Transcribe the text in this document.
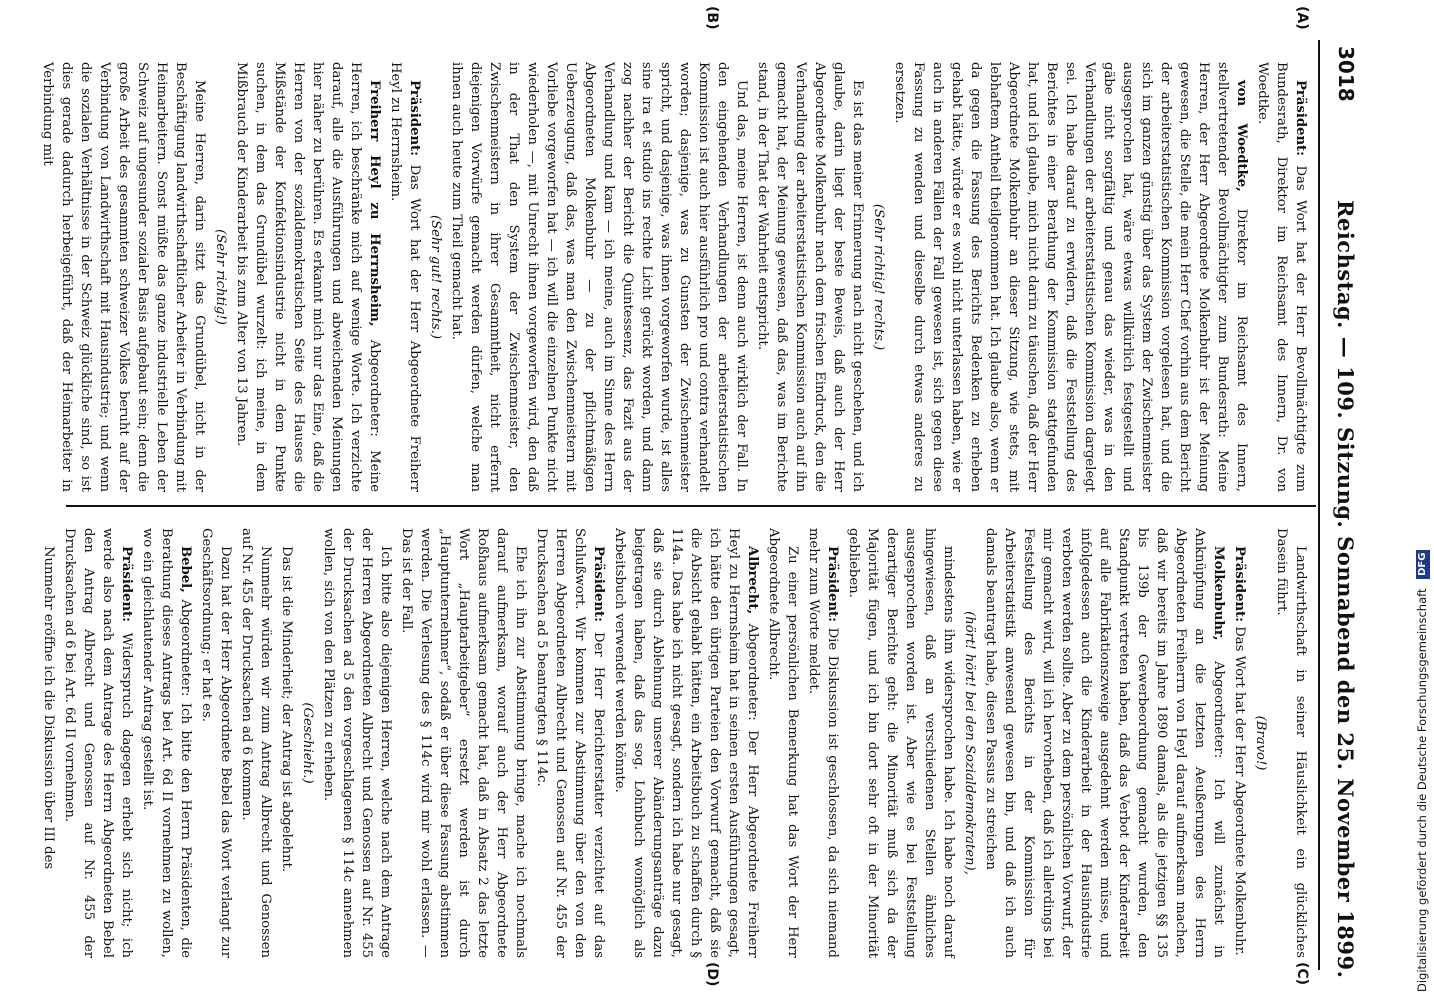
3018
Reichstag. — 109. Sitzung. Sonnabend den 25. November 1899.
(A)
(B)
(C)
(D)

Präsident: Das Wort hat der Herr Bevollmächtigte zum Bundesrath, Direktor im Reichsamt des Innern, Dr. von Woedtke.

von Woedtke, Direktor im Reichsamt des Innern, stellvertretender Bevollmächtigter zum Bundesrath: Meine Herren, der Herr Abgeordnete Molkenbuhr ist der Meinung gewesen, die Stelle, die mein Herr Chef vorhin aus dem Bericht der arbeiterstatistischen Kommission vorgelesen hat, und die sich im ganzen günstig über das System der Zwischenmeister ausgesprochen hat, wäre etwas willkürlich festgestellt und gäbe nicht sorgfältig und genau das wieder, was in den Verhandlungen der arbeiterstatistischen Kommission dargelegt sei. Ich habe darauf zu erwidern, daß die Feststellung des Berichtes in einer Berathung der Kommission stattgefunden hat, und ich glaube, mich nicht darin zu täuschen, daß der Herr Abgeordnete Molkenbuhr an dieser Sitzung, wie stets, mit lebhaftem Antheil theilgenommen hat. Ich glaube also, wenn er da gegen die Fassung des Berichts Bedenken zu erheben gehabt hätte, würde er es wohl nicht unterlassen haben, wie er auch in anderen Fällen der Fall gewesen ist, sich gegen diese Fassung zu wenden und dieselbe durch etwas anderes zu ersetzen.

(Sehr richtig! rechts.)

Es ist das meiner Erinnerung nach nicht geschehen, und ich glaube, darin liegt der beste Beweis, daß auch der Herr Abgeordnete Molkenbuhr nach dem frischen Eindruck, den die Verhandlung der arbeiterstatistischen Kommission auch auf ihn gemacht hat, der Meinung gewesen, daß das, was im Berichte stand, in der That der Wahrheit entspricht.

Und das, meine Herren, ist denn auch wirklich der Fall. In den eingehenden Verhandlungen der arbeiterstatistischen Kommission ist auch hier ausführlich pro und contra verhandelt worden; dasjenige, was zu Gunsten der Zwischenmeister spricht, und dasjenige, was ihnen vorgeworfen wurde, ist alles sine ira et studio ins rechte Licht gerückt worden, und dann zog nachher der Bericht die Quintessenz, das Fazit aus der Verhandlung und kam — ich meine, auch im Sinne des Herrn Abgeordneten Molkenbuhr — zu der pflichtmäßigen Ueberzeugung, daß das, was man den Zwischenmeistern mit Vorliebe vorgeworfen hat — ich will die einzelnen Punkte nicht wiederholen —, mit Unrecht ihnen vorgeworfen wird, den daß in der That den System der Zwischenmeister, den Zwischenmeistern in ihrer Gesammtheit, nicht erfernt diejenigen Vorwürfe gemacht werden dürfen, welche man ihnen auch heute zum Theil gemacht hat.

(Sehr gut! rechts.)

Präsident: Das Wort hat der Herr Abgeordnete Freiherr Heyl zu Herrnsheim.

Freiherr Heyl zu Herrnsheim, Abgeordneter: Meine Herren, ich beschränke mich auf wenige Worte. Ich verzichte darauf, alle die Ausführungen und abweichenden Meinungen hier näher zu berühren. Es erkannt mich nur das Eine, daß die Herren von der sozialdemokratischen Seite des Hauses die Mißstände der Konfektionsindustrie nicht in dem Punkte suchen, in dem das Grundübel wurzelt: ich meine, in dem Mißbrauch der Kinderarbeit bis zum Alter von 13 Jahren.

(Sehr richtig!)

Meine Herren, darin sitzt das Grundübel, nicht in der Beschäftigung landwirthschaftlicher Arbeiter in Verbindung mit Heimarbeitern. Sonst müßte das ganze industrielle Leben der Schweiz auf ungesunder sozialer Basis aufgebaut sein; denn die große Arbeit des gesammten schweizer Volkes beruht auf der Verbindung von Landwirthschaft mit Hausindustrie; und wenn die sozialen Verhältnisse in der Schweiz glückliche sind, so ist dies gerade dadurch herbeigeführt, daß der Heimarbeiter in Verbindung mit

Landwirthschaft in seiner Häuslichkeit ein glückliches Dasein führt.

(Bravo!)

Präsident: Das Wort hat der Herr Abgeordnete Molkenbuhr.

Molkenbuhr, Abgeordneter: Ich will zunächst in Anknüpfung an die letzten Aeußerungen des Herrn Abgeordneten Freiherrn von Heyl darauf aufmerksam machen, daß wir bereits im Jahre 1890 damals, als die jetzigen §§ 135 bis 139b der Gewerbeordnung gemacht wurden, den Standpunkt vertreten haben, daß das Verbot der Kinderarbeit auf alle Fabrikationszweige ausgedehnt werden müsse, und infolgedessen auch die Kinderarbeit in der Hausindustrie verboten werden sollte. Aber zu dem persönlichen Vorwurf, der mir gemacht wird, will ich hervorheben, daß ich allerdings bei Feststellung des Berichts in der Kommission für Arbeiterstatistik anwesend gewesen bin, und daß ich auch damals beantragt habe, diesen Passus zu streichen

(hört! hört! bei den Sozialdemokraten),

mindestens ihm widersprochen habe. Ich habe noch darauf hingewiesen, daß an verschiedenen Stellen ähnliches ausgesprochen worden ist. Aber wie es bei Feststellung derartiger Berichte geht: die Minorität muß sich da der Majorität fügen, und ich bin dort sehr oft in der Minorität geblieben.

Präsident: Die Diskussion ist geschlossen, da sich niemand mehr zum Worte meldet.

Zu einer persönlichen Bemerkung hat das Wort der Herr Abgeordnete Albrecht.

Albrecht, Abgeordneter: Der Herr Abgeordnete Freiherr Heyl zu Herrnsheim hat in seinen ersten Ausführungen gesagt, ich hätte den übrigen Parteien den Vorwurf gemacht, daß sie die Absicht gehabt hätten, ein Arbeitsbuch zu schaffen durch § 114a. Das habe ich nicht gesagt, sondern ich habe nur gesagt, daß sie durch Ablehnung unserer Abänderungsanträge dazu beigetragen haben, daß das sog. Lohnbuch womöglich als Arbeitsbuch verwendet werden könnte.

Präsident: Der Herr Berichterstatter verzichtet auf das Schlußwort. Wir kommen zur Abstimmung über den von den Herren Abgeordneten Albrecht und Genossen auf Nr. 455 der Drucksachen ad 5 beantragten § 114c.

Ehe ich ihn zur Abstimmung bringe, mache ich nochmals darauf aufmerksam, worauf auch der Herr Abgeordnete Roßhaus aufmerksam gemacht hat, daß in Absatz 2 das letzte Wort „Hauptarbeitgeber“ ersetzt werden ist durch „Hauptunternehmer“, sodaß er über diese Fassung abstimmen werden. Die Verlesung des § 114c wird mir wohl erlassen. — Das ist der Fall.

Ich bitte also diejenigen Herren, welche nach dem Antrage der Herren Abgeordneten Albrecht und Genossen auf Nr. 455 der Drucksachen ad 5 den vorgeschlagenen § 114c annehmen wollen, sich von den Plätzen zu erheben.

(Geschieht.)

Das ist die Minderheit; der Antrag ist abgelehnt.

Nunmehr würden wir zum Antrag Albrecht und Genossen auf Nr. 455 der Drucksachen ad 6 kommen.

Dazu hat der Herr Abgeordnete Bebel das Wort verlangt zur Geschäftsordnung; er hat es.

Bebel, Abgeordneter: Ich bitte den Herrn Präsidenten, die Berathung dieses Antrags bei Art. 6d II vornehmen zu wollen, wo ein gleichlautender Antrag gestellt ist.

Präsident: Widerspruch dagegen erhebt sich nicht; ich werde also nach dem Antrage des Herrn Abgeordneten Bebel den Antrag Albrecht und Genossen auf Nr. 455 der Drucksachen ad 6 bei Art. 6d II vornehmen.

Nunmehr eröffne ich die Diskussion über III des	Digitalisierung gefördert durch die Deutsche Forschungsgemeinschaft DFG
